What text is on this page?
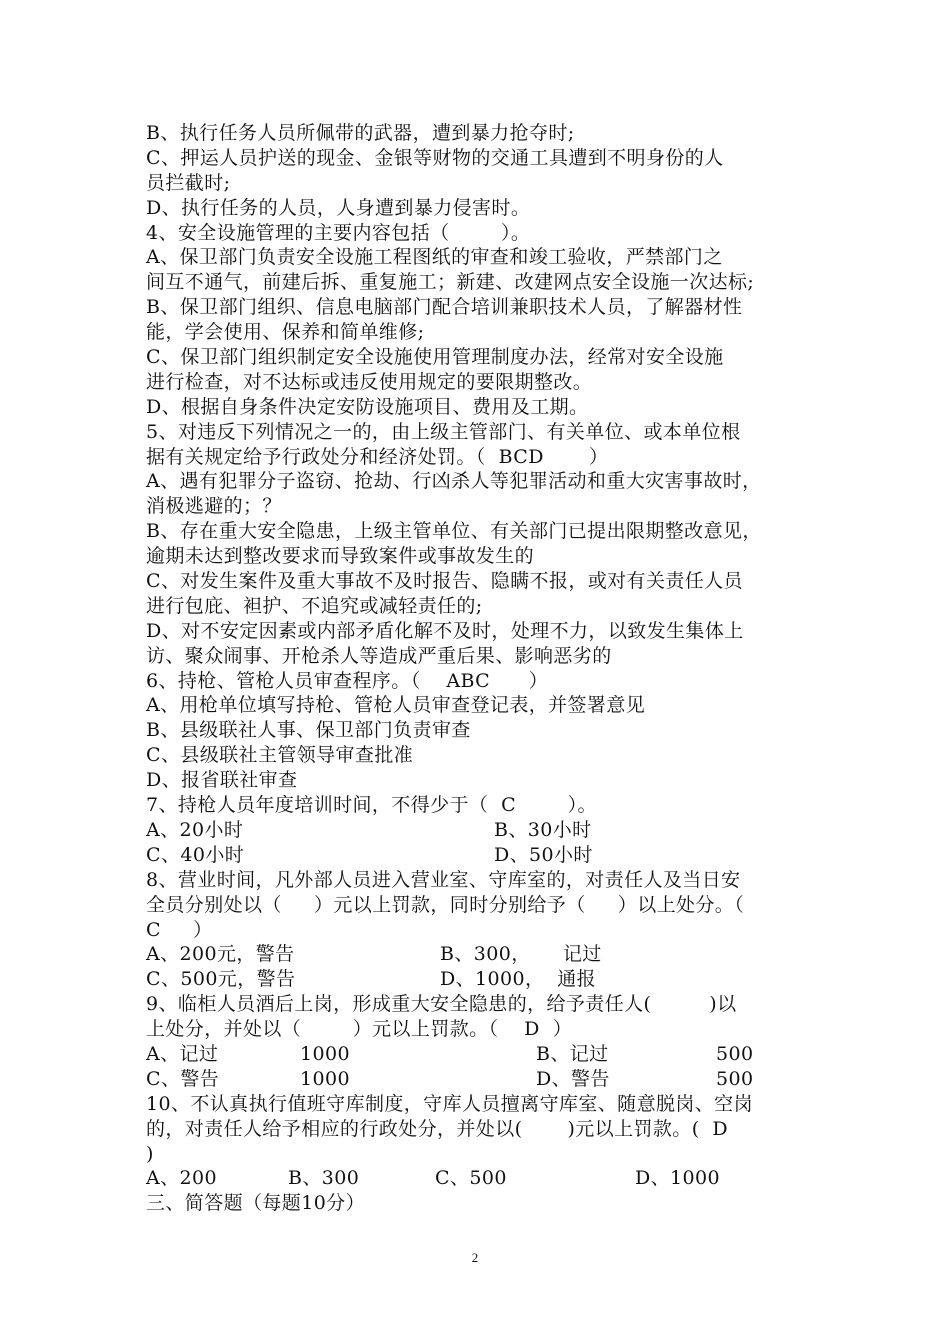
B、执行任务人员所佩带的武器，遭到暴力抢夺时;
C、押运人员护送的现金、金银等财物的交通工具遭到不明身份的人
员拦截时;
D、执行任务的人员，人身遭到暴力侵害时。
4、安全设施管理的主要内容包括（        ）。
A、保卫部门负责安全设施工程图纸的审查和竣工验收，严禁部门之
间互不通气，前建后拆、重复施工；新建、改建网点安全设施一次达标;
B、保卫部门组织、信息电脑部门配合培训兼职技术人员，了解器材性
能，学会使用、保养和简单维修;
C、保卫部门组织制定安全设施使用管理制度办法，经常对安全设施
进行检查，对不达标或违反使用规定的要限期整改。
D、根据自身条件决定安防设施项目、费用及工期。
5、对违反下列情况之一的，由上级主管部门、有关单位、或本单位根
据有关规定给予行政处分和经济处罚。（  BCD       ）
A、遇有犯罪分子盗窃、抢劫、行凶杀人等犯罪活动和重大灾害事故时，
消极逃避的；？
B、存在重大安全隐患，上级主管单位、有关部门已提出限期整改意见，
逾期未达到整改要求而导致案件或事故发生的
C、对发生案件及重大事故不及时报告、隐瞒不报，或对有关责任人员
进行包庇、袒护、不追究或减轻责任的;
D、对不安定因素或内部矛盾化解不及时，处理不力，以致发生集体上
访、聚众闹事、开枪杀人等造成严重后果、影响恶劣的
6、持枪、管枪人员审查程序。（    ABC      ）
A、用枪单位填写持枪、管枪人员审查登记表，并签署意见
B、县级联社人事、保卫部门负责审查
C、县级联社主管领导审查批准
D、报省联社审查
7、持枪人员年度培训时间，不得少于（  C        ）。
A、20小时	B、30小时
C、40小时	D、50小时
8、营业时间，凡外部人员进入营业室、守库室的，对责任人及当日安
全员分别处以（     ）元以上罚款，同时分别给予（     ）以上处分。（
C     ）
A、200元，警告	B、300，     记过
C、500元，警告	D、1000，  通报
9、临柜人员酒后上岗，形成重大安全隐患的，给予责任人(         )以
上处分，并处以（        ）元以上罚款。（    D  ）
A、记过	1000	B、记过	500
C、警告	1000	D、警告	500
10、不认真执行值班守库制度，守库人员擅离守库室、随意脱岗、空岗
的，对责任人给予相应的行政处分，并处以(       )元以上罚款。(  D
)
A、200	B、300	C、500	D、1000
三、简答题（每题10分）
2
